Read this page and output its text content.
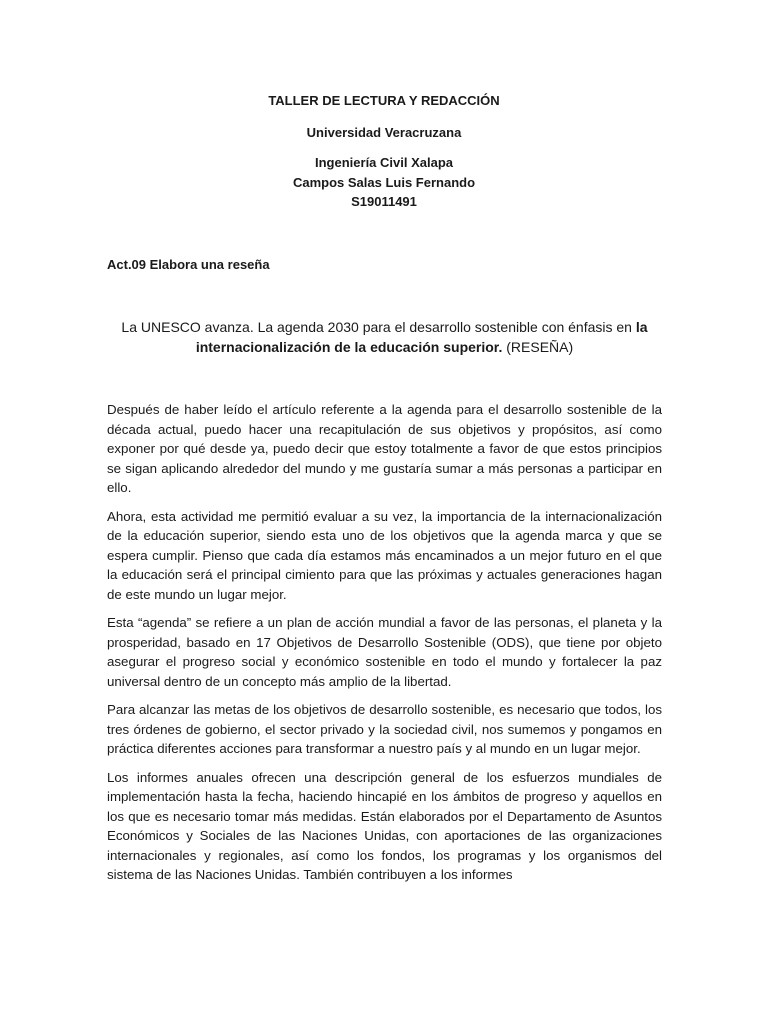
TALLER DE LECTURA Y REDACCIÓN
Universidad Veracruzana
Ingeniería Civil Xalapa
Campos Salas Luis Fernando
S19011491
Act.09 Elabora una reseña
La UNESCO avanza. La agenda 2030 para el desarrollo sostenible con énfasis en la internacionalización de la educación superior. (RESEÑA)

Después de haber leído el artículo referente a la agenda para el desarrollo sostenible de la década actual, puedo hacer una recapitulación de sus objetivos y propósitos, así como exponer por qué desde ya, puedo decir que estoy totalmente a favor de que estos principios se sigan aplicando alrededor del mundo y me gustaría sumar a más personas a participar en ello.

Ahora, esta actividad me permitió evaluar a su vez, la importancia de la internacionalización de la educación superior, siendo esta uno de los objetivos que la agenda marca y que se espera cumplir. Pienso que cada día estamos más encaminados a un mejor futuro en el que la educación será el principal cimiento para que las próximas y actuales generaciones hagan de este mundo un lugar mejor.

Esta “agenda” se refiere a un plan de acción mundial a favor de las personas, el planeta y la prosperidad, basado en 17 Objetivos de Desarrollo Sostenible (ODS), que tiene por objeto asegurar el progreso social y económico sostenible en todo el mundo y fortalecer la paz universal dentro de un concepto más amplio de la libertad.

Para alcanzar las metas de los objetivos de desarrollo sostenible, es necesario que todos, los tres órdenes de gobierno, el sector privado y la sociedad civil, nos sumemos y pongamos en práctica diferentes acciones para transformar a nuestro país y al mundo en un lugar mejor.

Los informes anuales ofrecen una descripción general de los esfuerzos mundiales de implementación hasta la fecha, haciendo hincapié en los ámbitos de progreso y aquellos en los que es necesario tomar más medidas. Están elaborados por el Departamento de Asuntos Económicos y Sociales de las Naciones Unidas, con aportaciones de las organizaciones internacionales y regionales, así como los fondos, los programas y los organismos del sistema de las Naciones Unidas. También contribuyen a los informes
